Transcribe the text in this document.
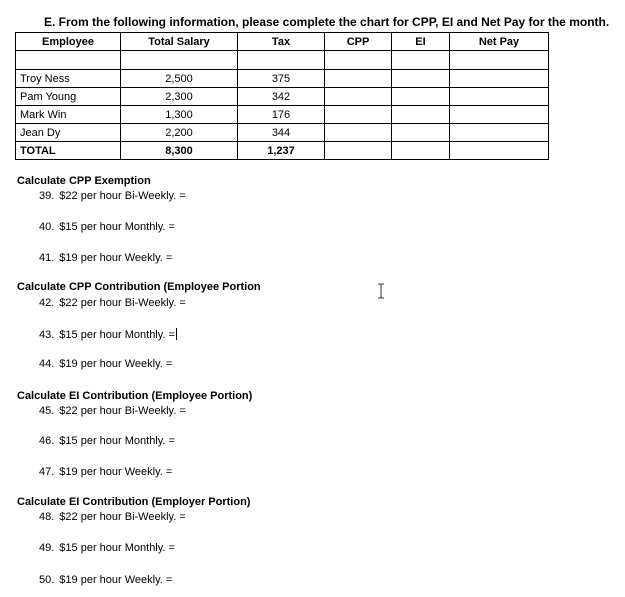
E. From the following information, please complete the chart for CPP, EI and Net Pay for the month.
Employee	Total Salary	Tax	CPP	EI	Net Pay

Troy Ness	2,500	375			
Pam Young	2,300	342			
Mark Win	1,300	176			
Jean Dy	2,200	344			
TOTAL	8,300	1,237			
Calculate CPP Exemption
39. $22 per hour Bi-Weekly. =
40. $15 per hour Monthly. =
41. $19 per hour Weekly. =
Calculate CPP Contribution (Employee Portion
42. $22 per hour Bi-Weekly. =
43. $15 per hour Monthly. =
44. $19 per hour Weekly. =
Calculate EI Contribution (Employee Portion)
45. $22 per hour Bi-Weekly. =
46. $15 per hour Monthly. =
47. $19 per hour Weekly. =
Calculate EI Contribution (Employer Portion)
48. $22 per hour Bi-Weekly. =
49. $15 per hour Monthly. =
50. $19 per hour Weekly. =
